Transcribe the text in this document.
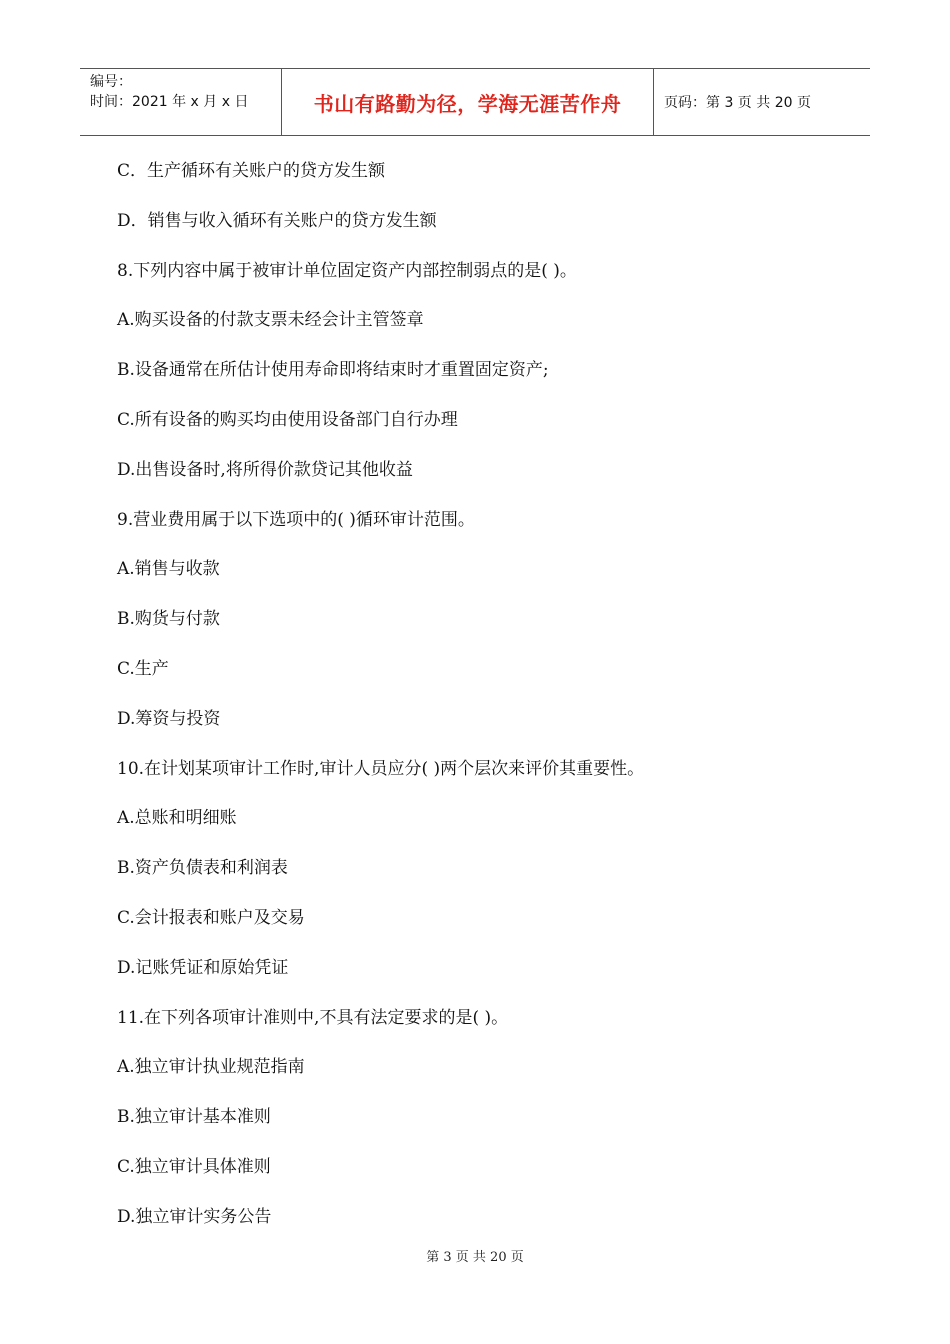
编号：
时间：2021 年 x 月 x 日	书山有路勤为径，学海无涯苦作舟	页码：第 3 页 共 20 页
C．生产循环有关账户的贷方发生额
D．销售与收入循环有关账户的贷方发生额
8.下列内容中属于被审计单位固定资产内部控制弱点的是( )。
A.购买设备的付款支票未经会计主管签章
B.设备通常在所估计使用寿命即将结束时才重置固定资产;
C.所有设备的购买均由使用设备部门自行办理
D.出售设备时,将所得价款贷记其他收益
9.营业费用属于以下选项中的( )循环审计范围。
A.销售与收款
B.购货与付款
C.生产
D.筹资与投资
10.在计划某项审计工作时,审计人员应分( )两个层次来评价其重要性。
A.总账和明细账
B.资产负债表和利润表
C.会计报表和账户及交易
D.记账凭证和原始凭证
11.在下列各项审计准则中,不具有法定要求的是( )。
A.独立审计执业规范指南
B.独立审计基本准则
C.独立审计具体准则
D.独立审计实务公告
第 3 页 共 20 页
